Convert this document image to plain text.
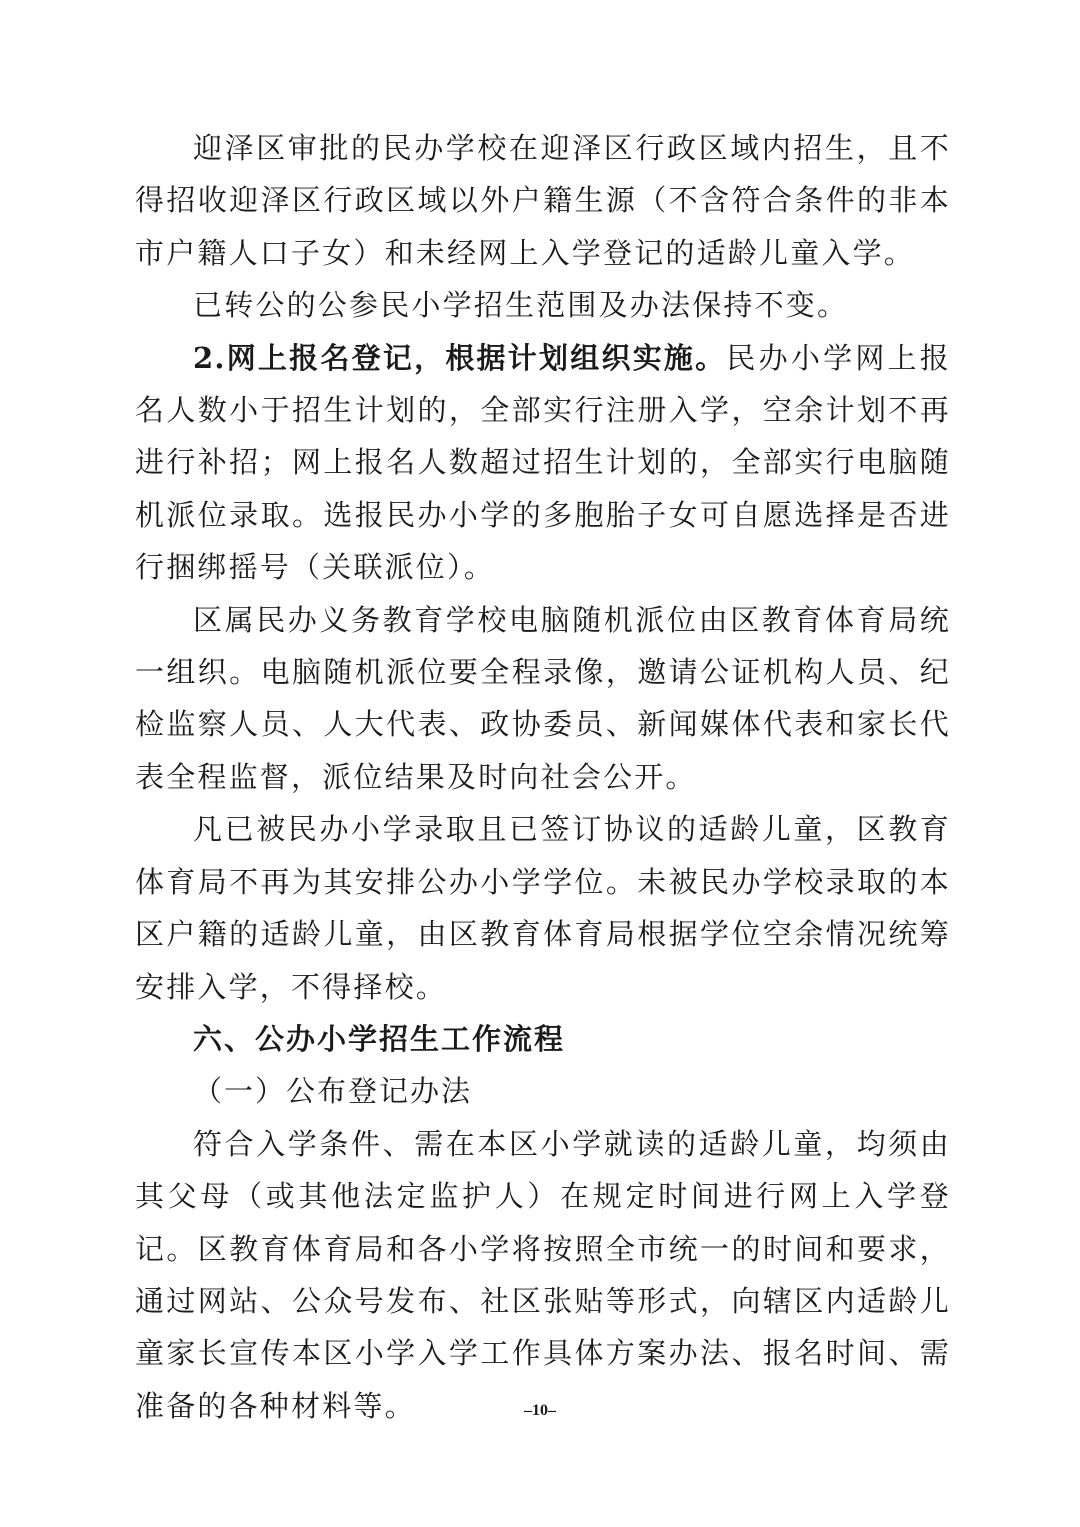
迎泽区审批的民办学校在迎泽区行政区域内招生，且不得招收迎泽区行政区域以外户籍生源（不含符合条件的非本市户籍人口子女）和未经网上入学登记的适龄儿童入学。

已转公的公参民小学招生范围及办法保持不变。

2.网上报名登记，根据计划组织实施。民办小学网上报名人数小于招生计划的，全部实行注册入学，空余计划不再进行补招；网上报名人数超过招生计划的，全部实行电脑随机派位录取。选报民办小学的多胞胎子女可自愿选择是否进行捆绑摇号（关联派位）。

区属民办义务教育学校电脑随机派位由区教育体育局统一组织。电脑随机派位要全程录像，邀请公证机构人员、纪检监察人员、人大代表、政协委员、新闻媒体代表和家长代表全程监督，派位结果及时向社会公开。

凡已被民办小学录取且已签订协议的适龄儿童，区教育体育局不再为其安排公办小学学位。未被民办学校录取的本区户籍的适龄儿童，由区教育体育局根据学位空余情况统筹安排入学，不得择校。

六、公办小学招生工作流程

（一）公布登记办法

符合入学条件、需在本区小学就读的适龄儿童，均须由其父母（或其他法定监护人）在规定时间进行网上入学登记。区教育体育局和各小学将按照全市统一的时间和要求，通过网站、公众号发布、社区张贴等形式，向辖区内适龄儿童家长宣传本区小学入学工作具体方案办法、报名时间、需准备的各种材料等。	–10–
